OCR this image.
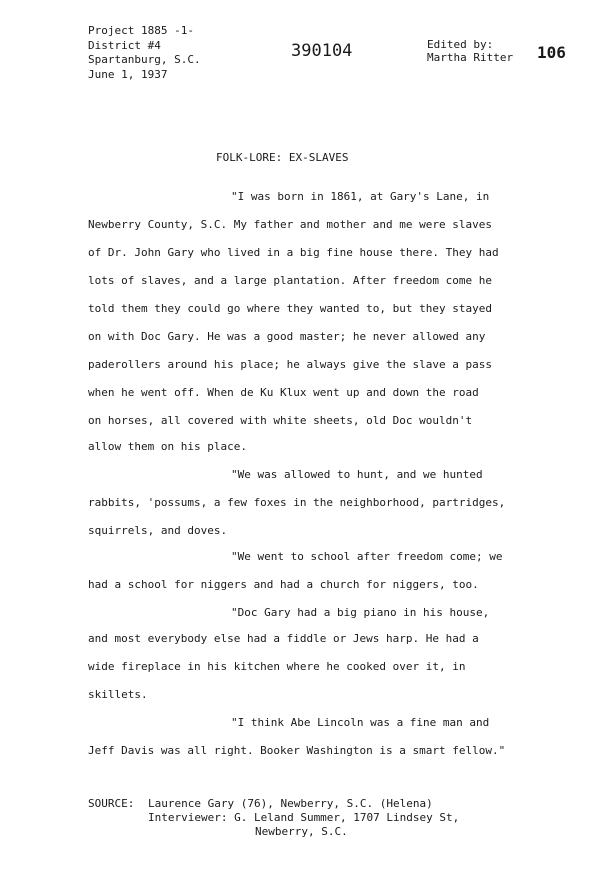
Project 1885 -1-
District #4
Spartanburg, S.C.
June 1, 1937
390104	Edited by:
Martha Ritter 106
FOLK-LORE: EX-SLAVES
"I was born in 1861, at Gary's Lane, in
Newberry County, S.C. My father and mother and me were slaves
of Dr. John Gary who lived in a big fine house there. They had
lots of slaves, and a large plantation. After freedom come he
told them they could go where they wanted to, but they stayed
on with Doc Gary. He was a good master; he never allowed any
paderollers around his place; he always give the slave a pass
when he went off. When de Ku Klux went up and down the road
on horses, all covered with white sheets, old Doc wouldn't
allow them on his place.
"We was allowed to hunt, and we hunted
rabbits, 'possums, a few foxes in the neighborhood, partridges,
squirrels, and doves.
"We went to school after freedom come; we
had a school for niggers and had a church for niggers, too.
"Doc Gary had a big piano in his house,
and most everybody else had a fiddle or Jews harp. He had a
wide fireplace in his kitchen where he cooked over it, in
skillets.
"I think Abe Lincoln was a fine man and
Jeff Davis was all right. Booker Washington is a smart fellow."
SOURCE: Laurence Gary (76), Newberry, S.C. (Helena)
Interviewer: G. Leland Summer, 1707 Lindsey St,
Newberry, S.C.
